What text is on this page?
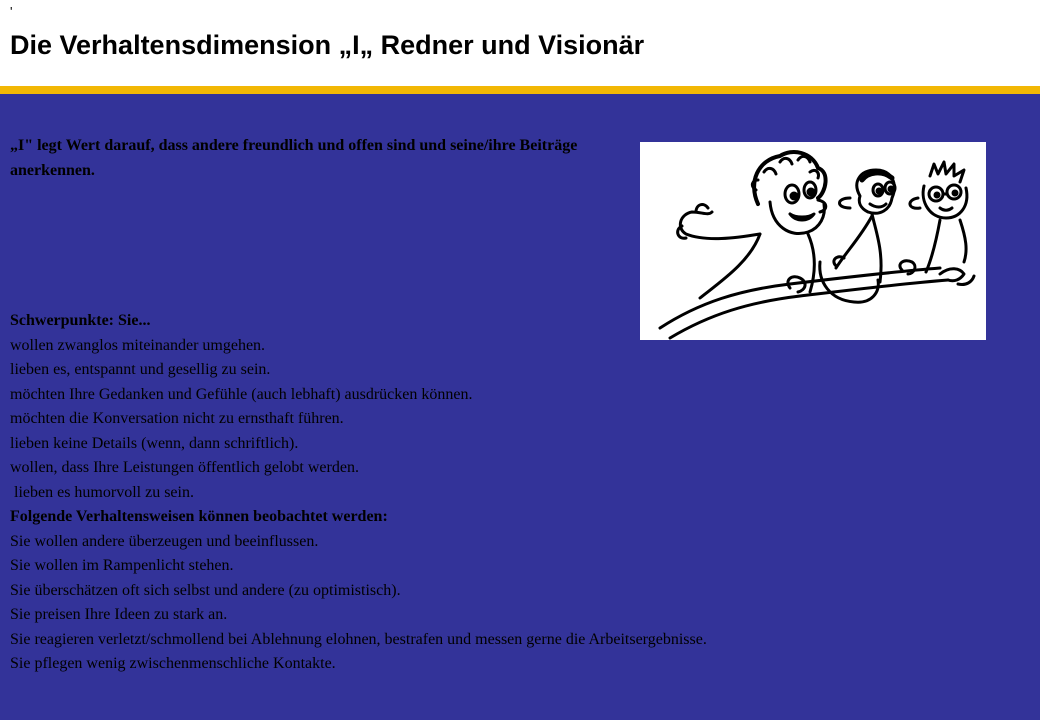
'
Die Verhaltensdimension „I„ Redner und Visionär
„I" legt Wert darauf, dass andere freundlich und offen sind und seine/ihre Beiträge anerkennen.
Schwerpunkte: Sie...
wollen zwanglos miteinander umgehen.
lieben es, entspannt und gesellig zu sein.
möchten Ihre Gedanken und Gefühle (auch lebhaft) ausdrücken können.
möchten die Konversation nicht zu ernsthaft führen.
lieben keine Details (wenn, dann schriftlich).
wollen, dass Ihre Leistungen öffentlich gelobt werden.
lieben es humorvoll zu sein.
Folgende Verhaltensweisen können beobachtet werden:
Sie wollen andere überzeugen und beeinflussen.
Sie wollen im Rampenlicht stehen.
Sie überschätzen oft sich selbst und andere (zu optimistisch).
Sie preisen Ihre Ideen zu stark an.
Sie reagieren verletzt/schmollend bei Ablehnung elohnen, bestrafen und messen gerne die Arbeitsergebnisse.
Sie pflegen wenig zwischenmenschliche Kontakte.
